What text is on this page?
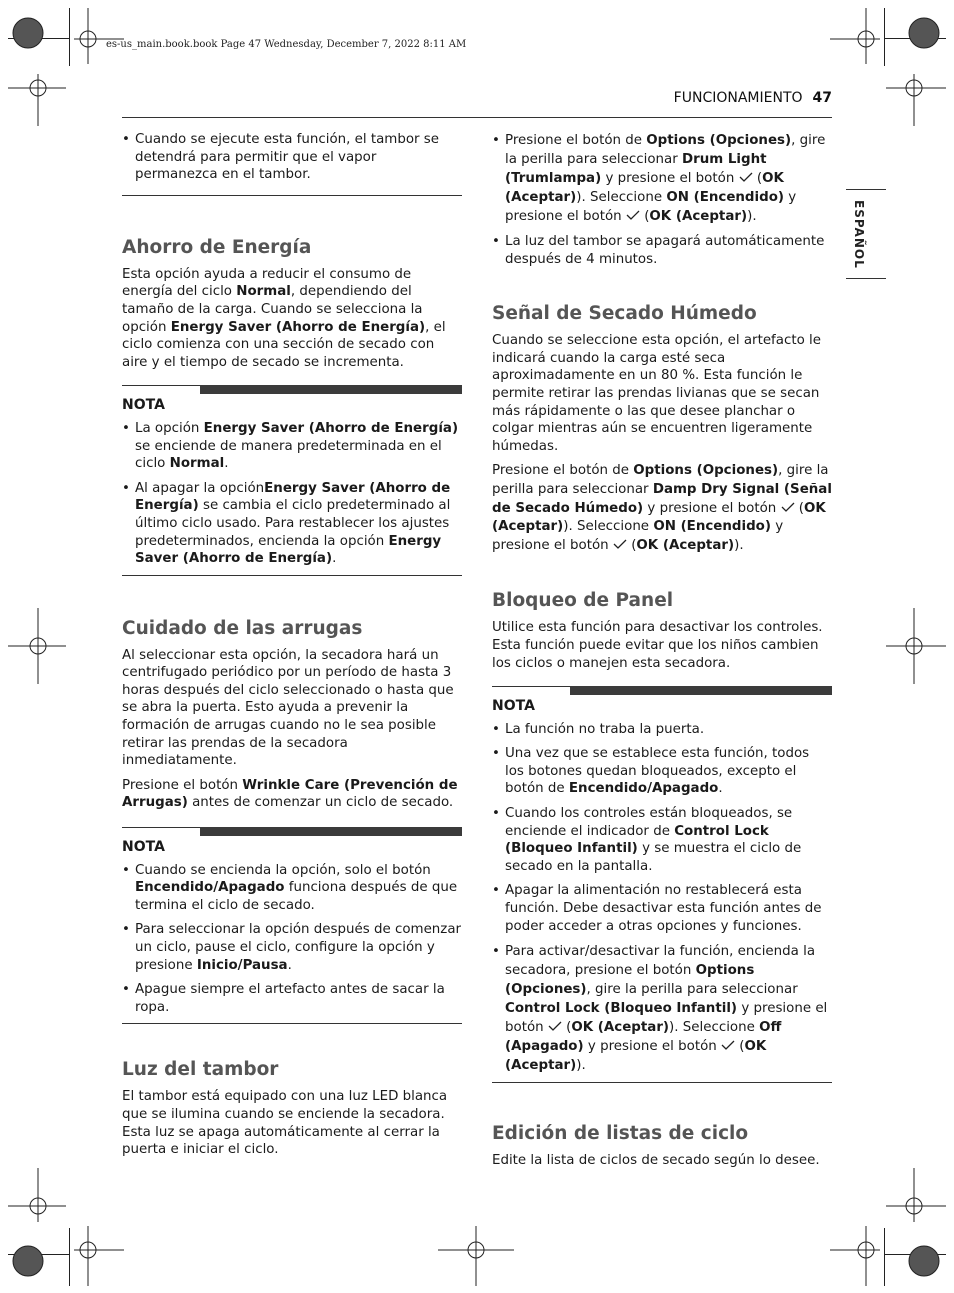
es-us_main.book.book Page 47 Wednesday, December 7, 2022 8:11 AM
FUNCIONAMIENTO 47
ESPAÑOL
• Cuando se ejecute esta función, el tambor se detendrá para permitir que el vapor permanezca en el tambor.
Ahorro de Energía

Esta opción ayuda a reducir el consumo de energía del ciclo Normal, dependiendo del tamaño de la carga. Cuando se selecciona la opción Energy Saver (Ahorro de Energía), el ciclo comienza con una sección de secado con aire y el tiempo de secado se incrementa.

NOTA
• La opción Energy Saver (Ahorro de Energía) se enciende de manera predeterminada en el ciclo Normal.
• Al apagar la opciónEnergy Saver (Ahorro de Energía) se cambia el ciclo predeterminado al último ciclo usado. Para restablecer los ajustes predeterminados, encienda la opción Energy Saver (Ahorro de Energía).
Cuidado de las arrugas

Al seleccionar esta opción, la secadora hará un centrifugado periódico por un período de hasta 3 horas después del ciclo seleccionado o hasta que se abra la puerta. Esto ayuda a prevenir la formación de arrugas cuando no le sea posible retirar las prendas de la secadora inmediatamente.

Presione el botón Wrinkle Care (Prevención de Arrugas) antes de comenzar un ciclo de secado.

NOTA
• Cuando se encienda la opción, solo el botón Encendido/Apagado funciona después de que termina el ciclo de secado.
• Para seleccionar la opción después de comenzar un ciclo, pause el ciclo, configure la opción y presione Inicio/Pausa.
• Apague siempre el artefacto antes de sacar la ropa.
Luz del tambor

El tambor está equipado con una luz LED blanca que se ilumina cuando se enciende la secadora. Esta luz se apaga automáticamente al cerrar la puerta e iniciar el ciclo.

• Presione el botón de Options (Opciones), gire la perilla para seleccionar Drum Light (Trumlampa) y presione el botón
(OK (Aceptar)). Seleccione ON (Encendido) y presione el botón
(OK (Aceptar)).
• La luz del tambor se apagará automáticamente después de 4 minutos.
Señal de Secado Húmedo

Cuando se seleccione esta opción, el artefacto le indicará cuando la carga esté seca aproximadamente en un 80 %. Esta función le permite retirar las prendas livianas que se secan más rápidamente o las que desee planchar o colgar mientras aún se encuentren ligeramente húmedas.

Presione el botón de Options (Opciones), gire la perilla para seleccionar Damp Dry Signal (Señal de Secado Húmedo) y presione el botón
(OK (Aceptar)). Seleccione ON (Encendido) y presione el botón
(OK (Aceptar)).

Bloqueo de Panel

Utilice esta función para desactivar los controles. Esta función puede evitar que los niños cambien los ciclos o manejen esta secadora.

NOTA
• La función no traba la puerta.
• Una vez que se establece esta función, todos los botones quedan bloqueados, excepto el botón de Encendido/Apagado.
• Cuando los controles están bloqueados, se enciende el indicador de Control Lock (Bloqueo Infantil) y se muestra el ciclo de secado en la pantalla.
• Apagar la alimentación no restablecerá esta función. Debe desactivar esta función antes de poder acceder a otras opciones y funciones.
• Para activar/desactivar la función, encienda la secadora, presione el botón Options (Opciones), gire la perilla para seleccionar Control Lock (Bloqueo Infantil) y presione el botón
(OK (Aceptar)). Seleccione Off (Apagado) y presione el botón
(OK (Aceptar)).
Edición de listas de ciclo

Edite la lista de ciclos de secado según lo desee.
